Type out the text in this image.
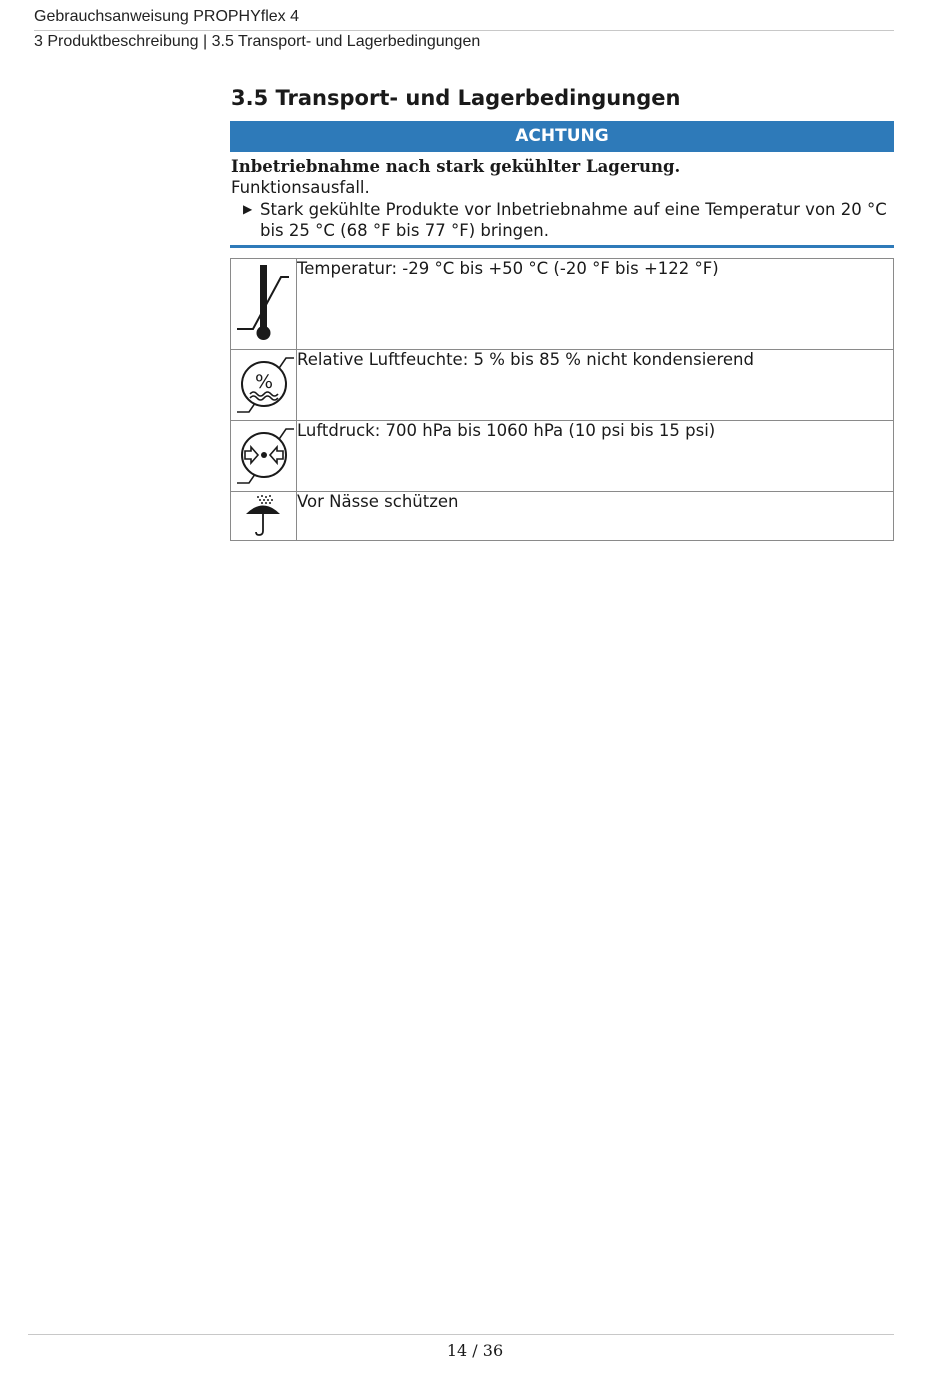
Gebrauchsanweisung PROPHYflex 4
3 Produktbeschreibung | 3.5 Transport- und Lagerbedingungen
3.5 Transport- und Lagerbedingungen
ACHTUNG
Inbetriebnahme nach stark gekühlter Lagerung.
Funktionsausfall.
▶ Stark gekühlte Produkte vor Inbetriebnahme auf eine Temperatur von 20 °C bis 25 °C (68 °F bis 77 °F) bringen.
	Temperatur: -29 °C bis +50 °C (-20 °F bis +122 °F)

%	Relative Luftfeuchte: 5 % bis 85 % nicht kondensierend

	Luftdruck: 700 hPa bis 1060 hPa (10 psi bis 15 psi)

	Vor Nässe schützen
14 / 36
